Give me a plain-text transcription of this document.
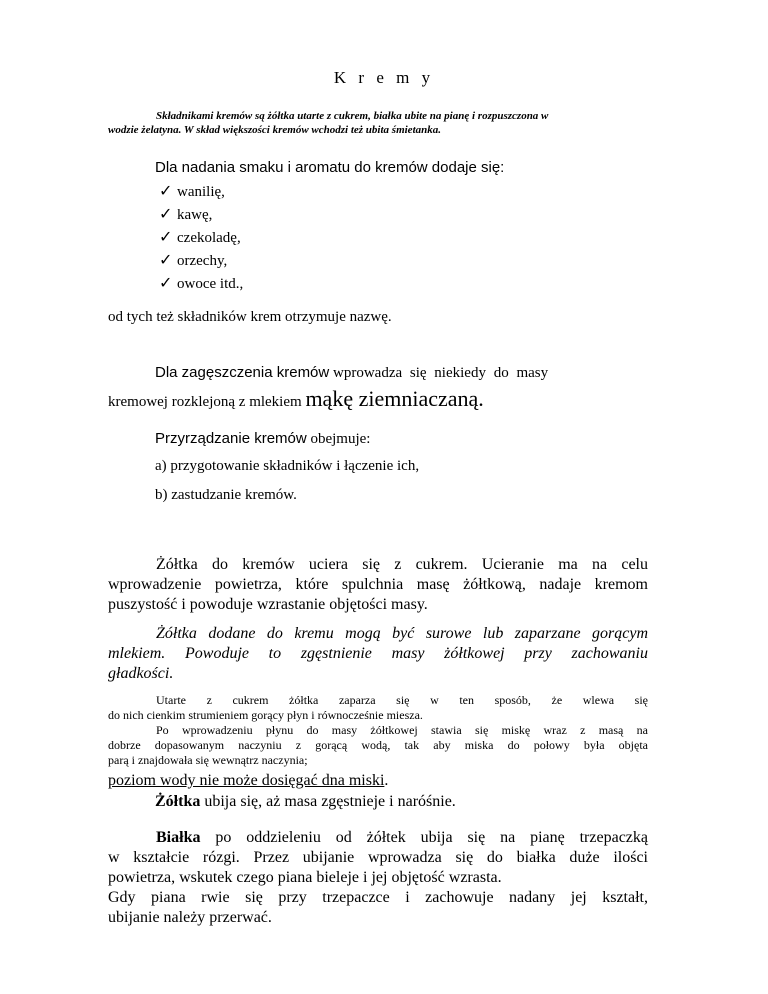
K r e m y
Składnikami kremów są żółtka utarte z cukrem, białka ubite na pianę i rozpuszczona w
wodzie żelatyna. W skład większości kremów wchodzi też ubita śmietanka.
Dla nadania smaku i aromatu do kremów dodaje się:
✓ wanilię,
✓ kawę,
✓ czekoladę,
✓ orzechy,
✓ owoce itd.,
od tych też składników krem otrzymuje nazwę.
Dla zagęszczenia kremów wprowadza się niekiedy do masy
kremowej rozklejoną z mlekiem mąkę ziemniaczaną.
Przyrządzanie kremów obejmuje:
a) przygotowanie składników i łączenie ich,
b) zastudzanie kremów.
Żółtka do kremów uciera się z cukrem. Ucieranie ma na celu
wprowadzenie powietrza, które spulchnia masę żółtkową, nadaje kremom
puszystość i powoduje wzrastanie objętości masy.
Żółtka dodane do kremu mogą być surowe lub zaparzane gorącym
mlekiem. Powoduje to zgęstnienie masy żółtkowej przy zachowaniu
gładkości.
Utarte z cukrem żółtka zaparza się w ten sposób, że wlewa się
do nich cienkim strumieniem gorący płyn i równocześnie miesza.
Po wprowadzeniu płynu do masy żółtkowej stawia się miskę wraz z masą na
dobrze dopasowanym naczyniu z gorącą wodą, tak aby miska do połowy była objęta
parą i znajdowała się wewnątrz naczynia;
poziom wody nie może dosięgać dna miski.
Żółtka ubija się, aż masa zgęstnieje i naróśnie.
Białka po oddzieleniu od żółtek ubija się na pianę trzepaczką
w kształcie rózgi. Przez ubijanie wprowadza się do białka duże ilości
powietrza, wskutek czego piana bieleje i jej objętość wzrasta.
Gdy piana rwie się przy trzepaczce i zachowuje nadany jej kształt,
ubijanie należy przerwać.
